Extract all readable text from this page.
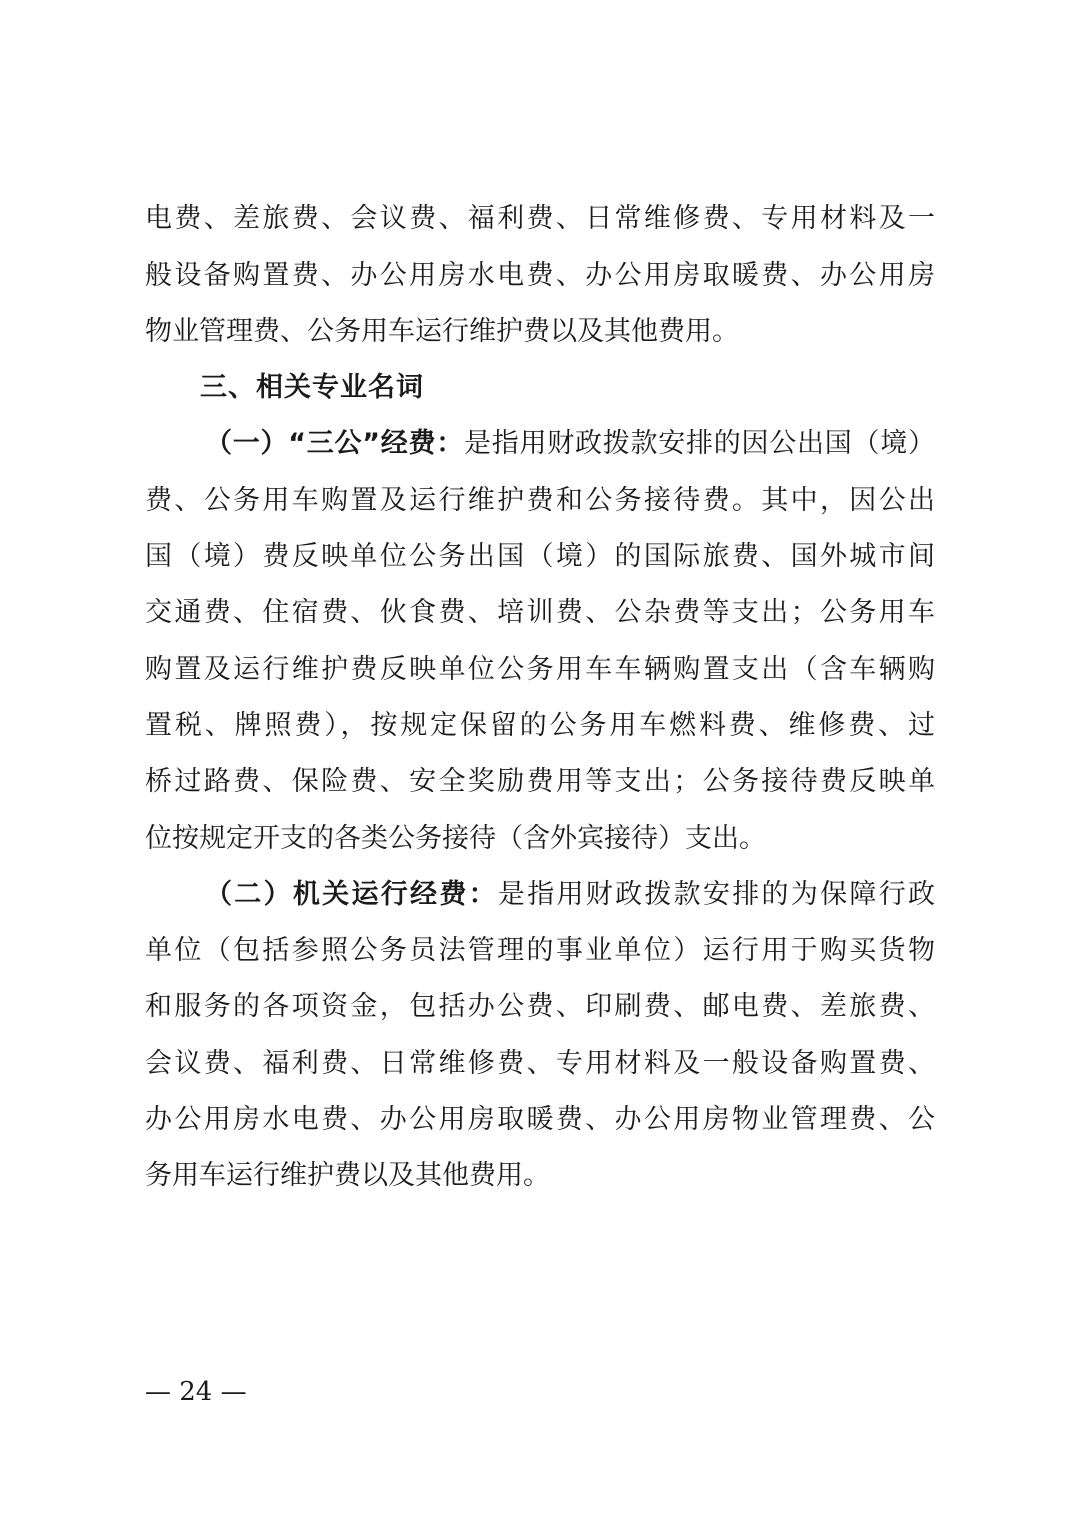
电费、差旅费、会议费、福利费、日常维修费、专用材料及一
般设备购置费、办公用房水电费、办公用房取暖费、办公用房
物业管理费、公务用车运行维护费以及其他费用。
三、相关专业名词
（一）“三公”经费：是指用财政拨款安排的因公出国（境）
费、公务用车购置及运行维护费和公务接待费。其中，因公出
国（境）费反映单位公务出国（境）的国际旅费、国外城市间
交通费、住宿费、伙食费、培训费、公杂费等支出；公务用车
购置及运行维护费反映单位公务用车车辆购置支出（含车辆购
置税、牌照费），按规定保留的公务用车燃料费、维修费、过
桥过路费、保险费、安全奖励费用等支出；公务接待费反映单
位按规定开支的各类公务接待（含外宾接待）支出。
（二）机关运行经费：是指用财政拨款安排的为保障行政
单位（包括参照公务员法管理的事业单位）运行用于购买货物
和服务的各项资金，包括办公费、印刷费、邮电费、差旅费、
会议费、福利费、日常维修费、专用材料及一般设备购置费、
办公用房水电费、办公用房取暖费、办公用房物业管理费、公
务用车运行维护费以及其他费用。
— 24 —
